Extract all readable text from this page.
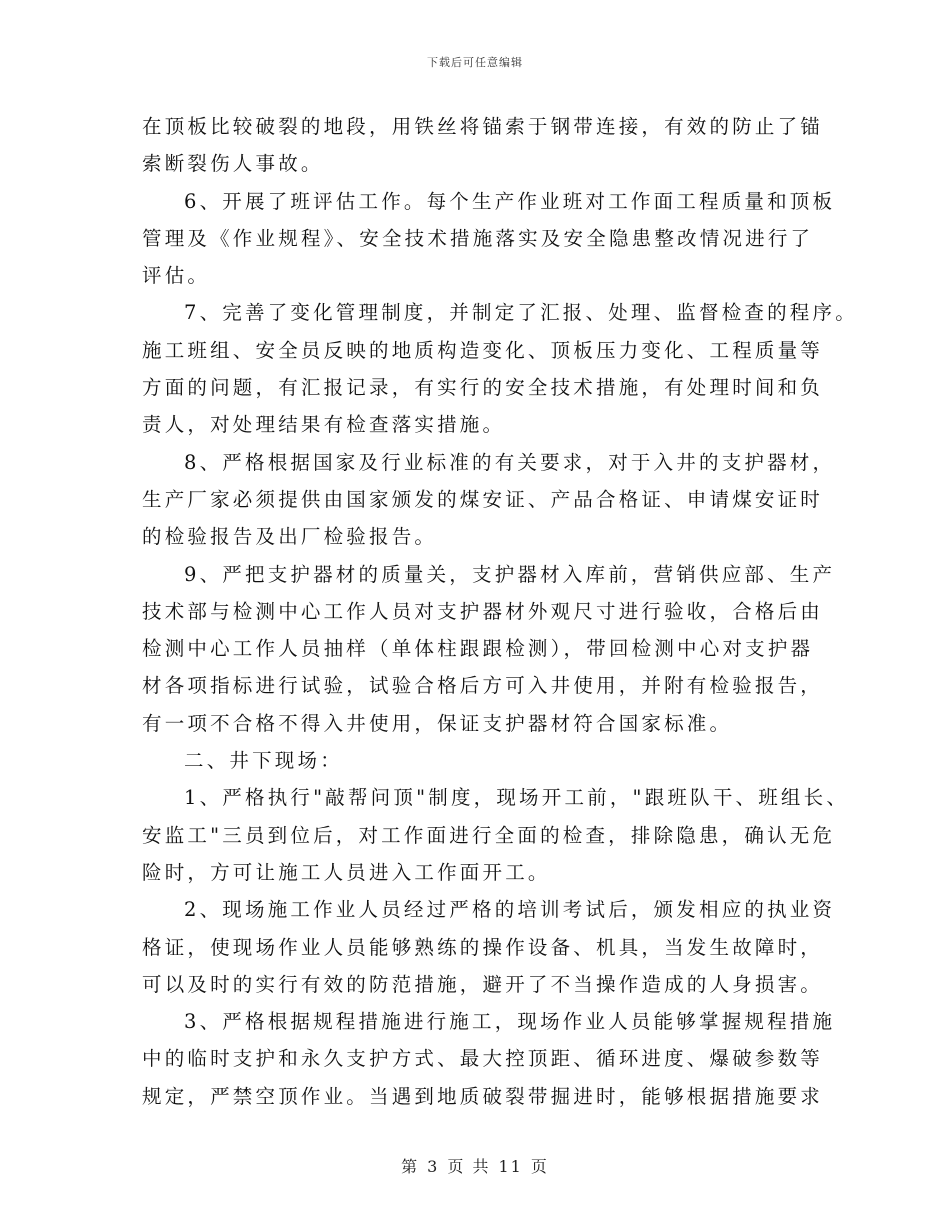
下载后可任意编辑
在顶板比较破裂的地段，用铁丝将锚索于钢带连接，有效的防止了锚
索断裂伤人事故。
6、开展了班评估工作。每个生产作业班对工作面工程质量和顶板
管理及《作业规程》、安全技术措施落实及安全隐患整改情况进行了
评估。
7、完善了变化管理制度，并制定了汇报、处理、监督检查的程序。
施工班组、安全员反映的地质构造变化、顶板压力变化、工程质量等
方面的问题，有汇报记录，有实行的安全技术措施，有处理时间和负
责人，对处理结果有检查落实措施。
8、严格根据国家及行业标准的有关要求，对于入井的支护器材，
生产厂家必须提供由国家颁发的煤安证、产品合格证、申请煤安证时
的检验报告及出厂检验报告。
9、严把支护器材的质量关，支护器材入库前，营销供应部、生产
技术部与检测中心工作人员对支护器材外观尺寸进行验收，合格后由
检测中心工作人员抽样（单体柱跟跟检测），带回检测中心对支护器
材各项指标进行试验，试验合格后方可入井使用，并附有检验报告，
有一项不合格不得入井使用，保证支护器材符合国家标准。
二、井下现场：
1、严格执行"敲帮问顶"制度，现场开工前，"跟班队干、班组长、
安监工"三员到位后，对工作面进行全面的检查，排除隐患，确认无危
险时，方可让施工人员进入工作面开工。
2、现场施工作业人员经过严格的培训考试后，颁发相应的执业资
格证，使现场作业人员能够熟练的操作设备、机具，当发生故障时，
可以及时的实行有效的防范措施，避开了不当操作造成的人身损害。
3、严格根据规程措施进行施工，现场作业人员能够掌握规程措施
中的临时支护和永久支护方式、最大控顶距、循环进度、爆破参数等
规定，严禁空顶作业。当遇到地质破裂带掘进时，能够根据措施要求
第 3 页 共 11 页
